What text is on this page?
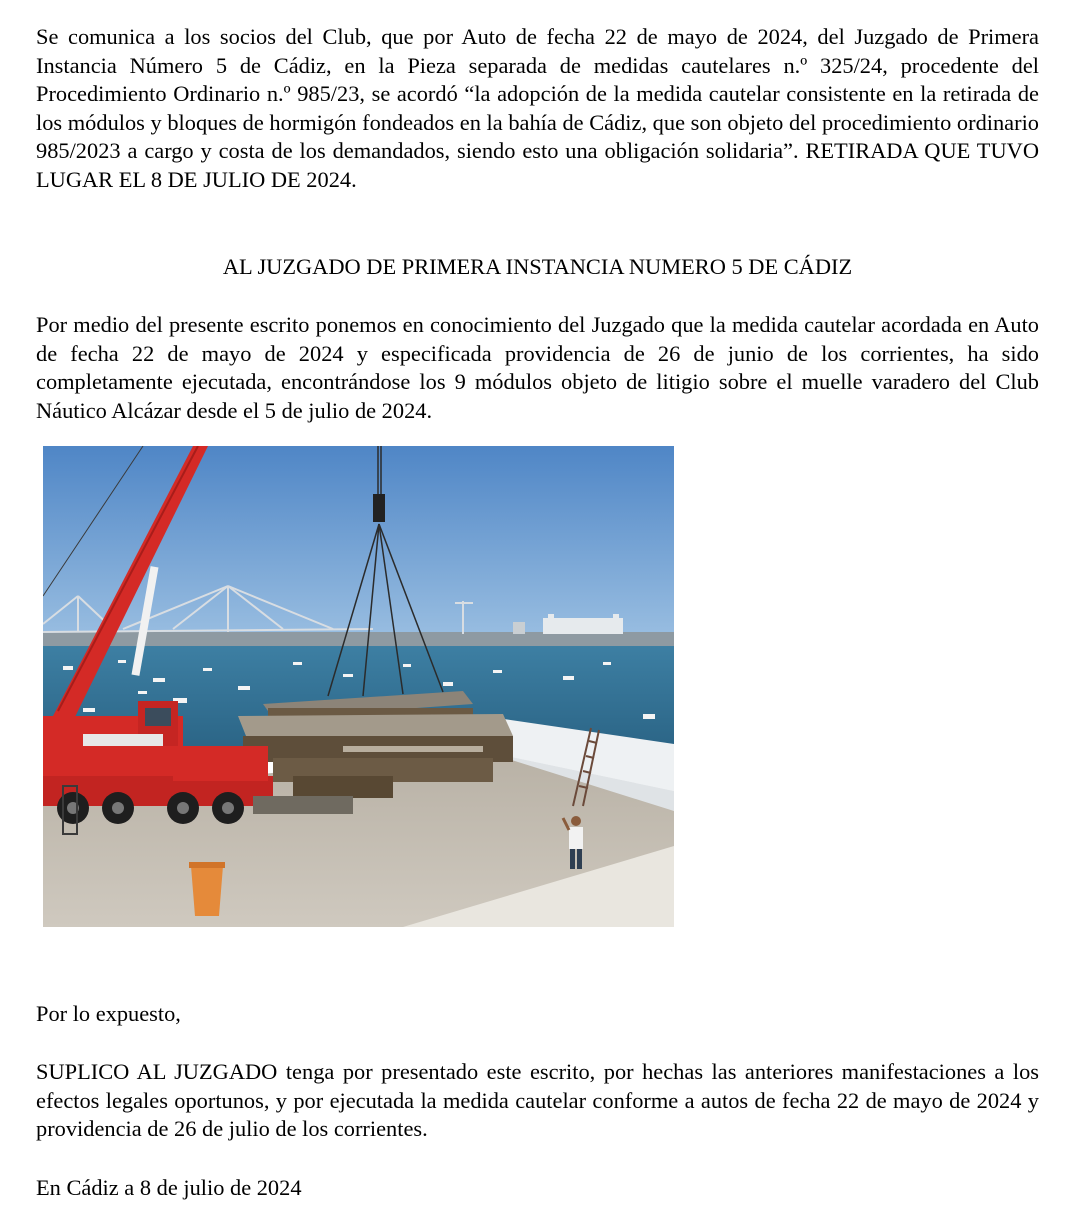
Se comunica a los socios del Club, que por Auto de fecha 22 de mayo de 2024, del Juzgado de Primera Instancia Número 5 de Cádiz, en la Pieza separada de medidas cautelares n.º 325/24, procedente del Procedimiento Ordinario n.º 985/23, se acordó “la adopción de la medida cautelar consistente en la retirada de los módulos y bloques de hormigón fondeados en la bahía de Cádiz, que son objeto del procedimiento ordinario 985/2023 a cargo y costa de los demandados, siendo esto una obligación solidaria”. RETIRADA QUE TUVO LUGAR EL 8 DE JULIO DE 2024.

AL JUZGADO DE PRIMERA INSTANCIA NUMERO 5 DE CÁDIZ

Por medio del presente escrito ponemos en conocimiento del Juzgado que la medida cautelar acordada en Auto de fecha 22 de mayo de 2024 y especificada providencia de 26 de junio de los corrientes, ha sido completamente ejecutada, encontrándose los 9 módulos objeto de litigio sobre el muelle varadero del Club Náutico Alcázar desde el 5 de julio de 2024.

Por lo expuesto,

SUPLICO AL JUZGADO tenga por presentado este escrito, por hechas las anteriores manifestaciones a los efectos legales oportunos, y por ejecutada la medida cautelar conforme a autos de fecha 22 de mayo de 2024 y providencia de 26 de julio de los corrientes.

En Cádiz a 8 de julio de 2024
